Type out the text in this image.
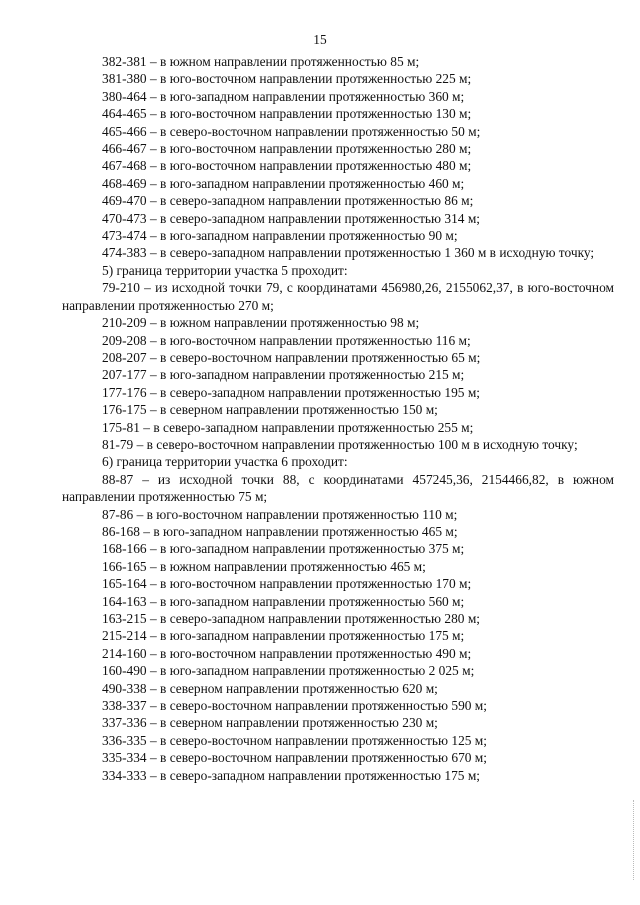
15

382-381 – в южном направлении протяженностью 85 м;

381-380 – в юго-восточном направлении протяженностью 225 м;

380-464 – в юго-западном направлении протяженностью 360 м;

464-465 – в юго-восточном направлении протяженностью 130 м;

465-466 – в северо-восточном направлении протяженностью 50 м;

466-467 – в юго-восточном направлении протяженностью 280 м;

467-468 – в юго-восточном направлении протяженностью 480 м;

468-469 – в юго-западном направлении протяженностью 460 м;

469-470 – в северо-западном направлении протяженностью 86 м;

470-473 – в северо-западном направлении протяженностью 314 м;

473-474 – в юго-западном направлении протяженностью 90 м;

474-383 – в северо-западном направлении протяженностью 1 360 м в исходную точку;

5) граница территории участка 5 проходит:

79-210 – из исходной точки 79, с координатами 456980,26, 2155062,37, в юго-восточном направлении протяженностью 270 м;

210-209 – в южном направлении протяженностью 98 м;

209-208 – в юго-восточном направлении протяженностью 116 м;

208-207 – в северо-восточном направлении протяженностью 65 м;

207-177 – в юго-западном направлении протяженностью 215 м;

177-176 – в северо-западном направлении протяженностью 195 м;

176-175 – в северном направлении протяженностью 150 м;

175-81 – в северо-западном направлении протяженностью 255 м;

81-79 – в северо-восточном направлении протяженностью 100 м в исходную точку;

6) граница территории участка 6 проходит:

88-87 – из исходной точки 88, с координатами 457245,36, 2154466,82, в южном направлении протяженностью 75 м;

87-86 – в юго-восточном направлении протяженностью 110 м;

86-168 – в юго-западном направлении протяженностью 465 м;

168-166 – в юго-западном направлении протяженностью 375 м;

166-165 – в южном направлении протяженностью 465 м;

165-164 – в юго-восточном направлении протяженностью 170 м;

164-163 – в юго-западном направлении протяженностью 560 м;

163-215 – в северо-западном направлении протяженностью 280 м;

215-214 – в юго-западном направлении протяженностью 175 м;

214-160 – в юго-восточном направлении протяженностью 490 м;

160-490 – в юго-западном направлении протяженностью 2 025 м;

490-338 – в северном направлении протяженностью 620 м;

338-337 – в северо-восточном направлении протяженностью 590 м;

337-336 – в северном направлении протяженностью 230 м;

336-335 – в северо-восточном направлении протяженностью 125 м;

335-334 – в северо-восточном направлении протяженностью 670 м;

334-333 – в северо-западном направлении протяженностью 175 м;
